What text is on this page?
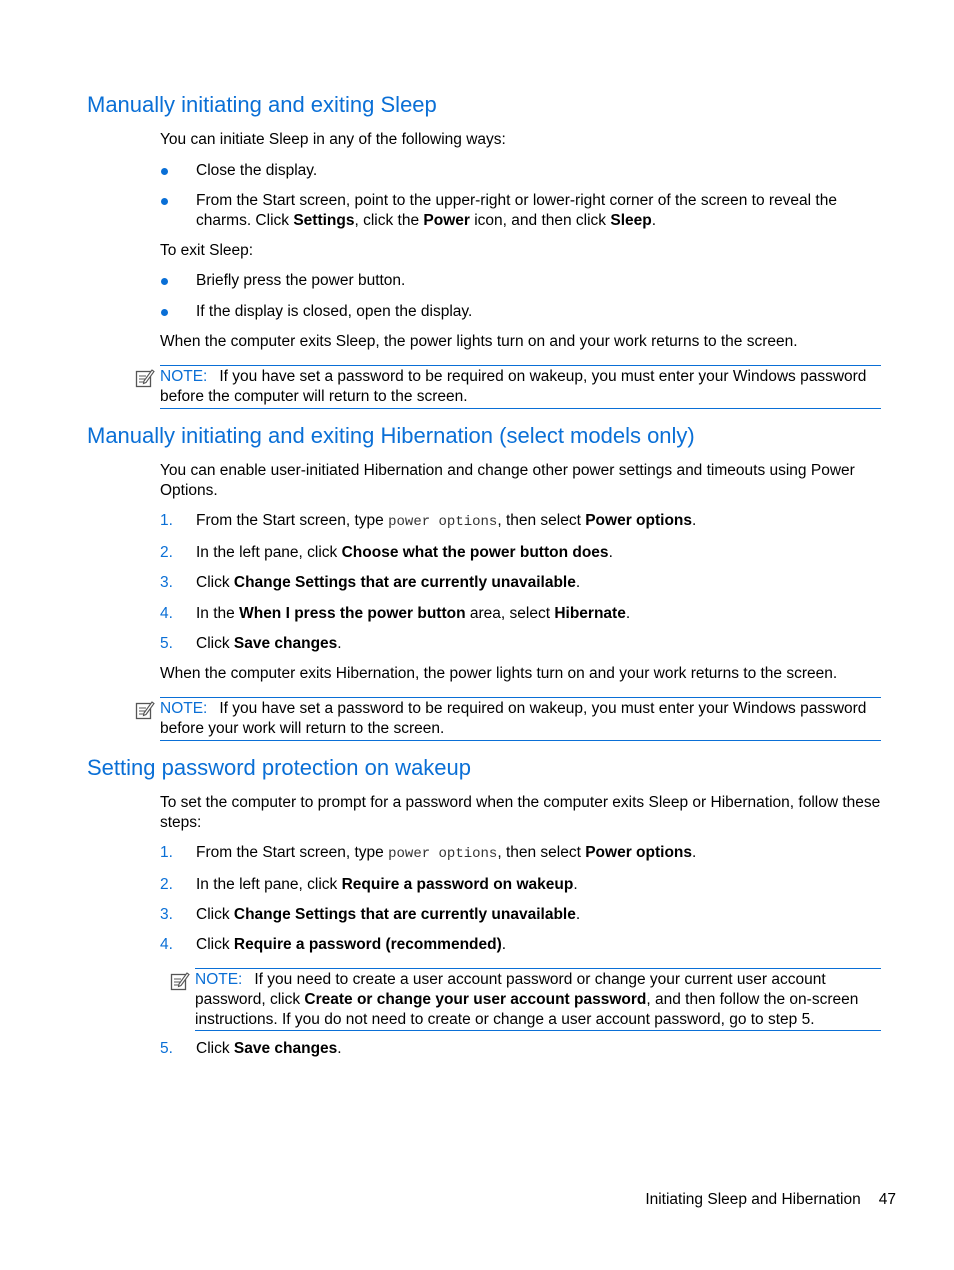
Manually initiating and exiting Sleep

You can initiate Sleep in any of the following ways:

Close the display.
From the Start screen, point to the upper-right or lower-right corner of the screen to reveal the charms. Click Settings, click the Power icon, and then click Sleep.

To exit Sleep:

Briefly press the power button.
If the display is closed, open the display.

When the computer exits Sleep, the power lights turn on and your work returns to the screen.

NOTE: If you have set a password to be required on wakeup, you must enter your Windows password before the computer will return to the screen.
Manually initiating and exiting Hibernation (select models only)

You can enable user-initiated Hibernation and change other power settings and timeouts using Power Options.

1. From the Start screen, type power options, then select Power options.
2. In the left pane, click Choose what the power button does.
3. Click Change Settings that are currently unavailable.
4. In the When I press the power button area, select Hibernate.
5. Click Save changes.

When the computer exits Hibernation, the power lights turn on and your work returns to the screen.

NOTE: If you have set a password to be required on wakeup, you must enter your Windows password before your work will return to the screen.
Setting password protection on wakeup

To set the computer to prompt for a password when the computer exits Sleep or Hibernation, follow these steps:

1. From the Start screen, type power options, then select Power options.
2. In the left pane, click Require a password on wakeup.
3. Click Change Settings that are currently unavailable.
4. Click Require a password (recommended).
NOTE: If you need to create a user account password or change your current user account password, click Create or change your user account password, and then follow the on-screen instructions. If you do not need to create or change a user account password, go to step 5.
5. Click Save changes.
Initiating Sleep and Hibernation 47
